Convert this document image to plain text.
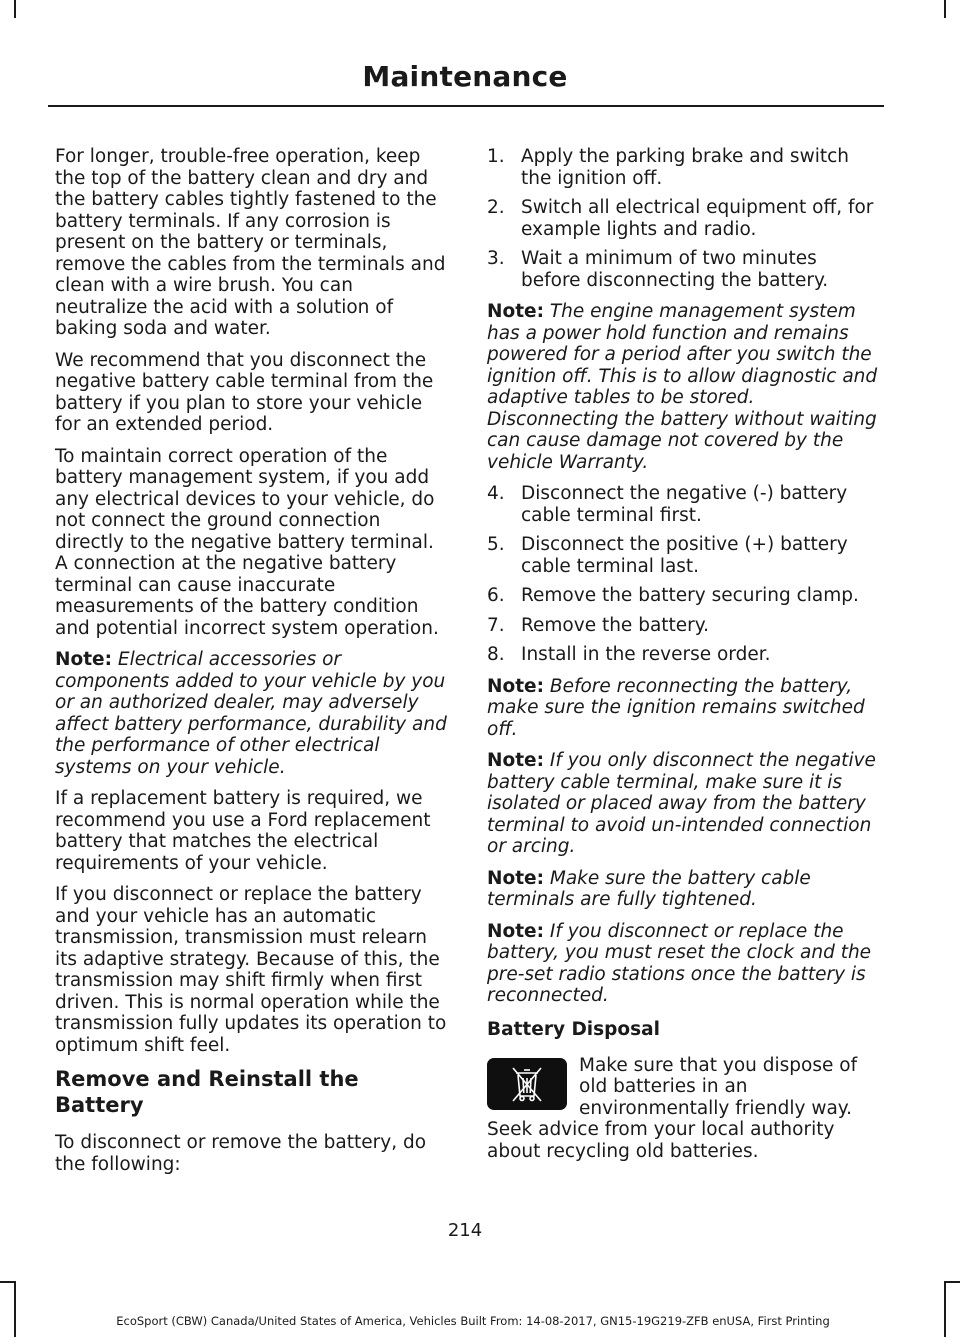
Maintenance

For longer, trouble-free operation, keep the top of the battery clean and dry and the battery cables tightly fastened to the battery terminals. If any corrosion is present on the battery or terminals, remove the cables from the terminals and clean with a wire brush. You can neutralize the acid with a solution of baking soda and water.

We recommend that you disconnect the negative battery cable terminal from the battery if you plan to store your vehicle for an extended period.

To maintain correct operation of the battery management system, if you add any electrical devices to your vehicle, do not connect the ground connection directly to the negative battery terminal. A connection at the negative battery terminal can cause inaccurate measurements of the battery condition and potential incorrect system operation.

Note: Electrical accessories or components added to your vehicle by you or an authorized dealer, may adversely affect battery performance, durability and the performance of other electrical systems on your vehicle.

If a replacement battery is required, we recommend you use a Ford replacement battery that matches the electrical requirements of your vehicle.

If you disconnect or replace the battery and your vehicle has an automatic transmission, transmission must relearn its adaptive strategy. Because of this, the transmission may shift firmly when first driven. This is normal operation while the transmission fully updates its operation to optimum shift feel.

Remove and Reinstall the Battery

To disconnect or remove the battery, do the following:

1. Apply the parking brake and switch the ignition off.
2. Switch all electrical equipment off, for example lights and radio.
3. Wait a minimum of two minutes before disconnecting the battery.

Note: The engine management system has a power hold function and remains powered for a period after you switch the ignition off. This is to allow diagnostic and adaptive tables to be stored. Disconnecting the battery without waiting can cause damage not covered by the vehicle Warranty.

4. Disconnect the negative (-) battery cable terminal first.
5. Disconnect the positive (+) battery cable terminal last.
6. Remove the battery securing clamp.
7. Remove the battery.
8. Install in the reverse order.

Note: Before reconnecting the battery, make sure the ignition remains switched off.

Note: If you only disconnect the negative battery cable terminal, make sure it is isolated or placed away from the battery terminal to avoid un-intended connection or arcing.

Note: Make sure the battery cable terminals are fully tightened.

Note: If you disconnect or replace the battery, you must reset the clock and the pre-set radio stations once the battery is reconnected.

Battery Disposal
Make sure that you dispose of old batteries in an environmentally friendly way. Seek advice from your local authority about recycling old batteries.
214
EcoSport (CBW) Canada/United States of America, Vehicles Built From: 14-08-2017, GN15-19G219-ZFB enUSA, First Printing
